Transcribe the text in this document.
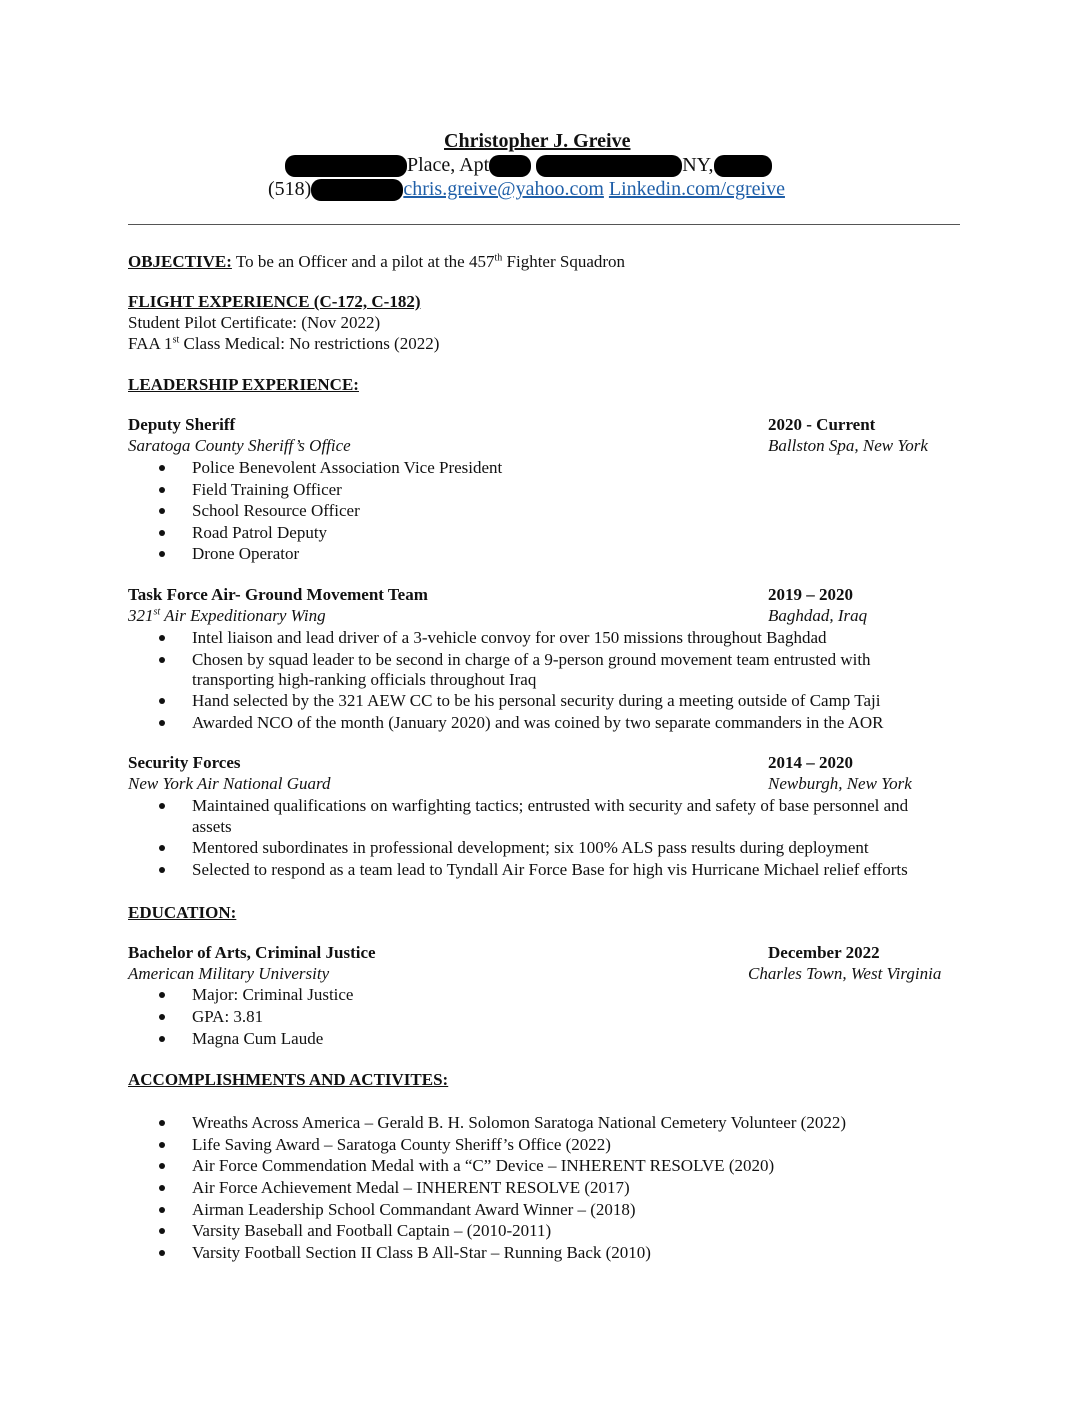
Christopher J. Greive
Place, Apt	NY,
(518)	chris.greive@yahoo.com Linkedin.com/cgreive
OBJECTIVE: To be an Officer and a pilot at the 457th Fighter Squadron
FLIGHT EXPERIENCE (C-172, C-182)
Student Pilot Certificate: (Nov 2022)
FAA 1st Class Medical: No restrictions (2022)
LEADERSHIP EXPERIENCE:
Deputy Sheriff	2020 - Current
Saratoga County Sheriff’s Office	Ballston Spa, New York
Police Benevolent Association Vice President
Field Training Officer
School Resource Officer
Road Patrol Deputy
Drone Operator
Task Force Air- Ground Movement Team	2019 – 2020
321st Air Expeditionary Wing	Baghdad, Iraq
Intel liaison and lead driver of a 3-vehicle convoy for over 150 missions throughout Baghdad
Chosen by squad leader to be second in charge of a 9-person ground movement team entrusted with
transporting high-ranking officials throughout Iraq
Hand selected by the 321 AEW CC to be his personal security during a meeting outside of Camp Taji
Awarded NCO of the month (January 2020) and was coined by two separate commanders in the AOR
Security Forces	2014 – 2020
New York Air National Guard	Newburgh, New York
Maintained qualifications on warfighting tactics; entrusted with security and safety of base personnel and
assets
Mentored subordinates in professional development; six 100% ALS pass results during deployment
Selected to respond as a team lead to Tyndall Air Force Base for high vis Hurricane Michael relief efforts
EDUCATION:
Bachelor of Arts, Criminal Justice	December 2022
American Military University	Charles Town, West Virginia
Major: Criminal Justice
GPA: 3.81
Magna Cum Laude
ACCOMPLISHMENTS AND ACTIVITES:
Wreaths Across America – Gerald B. H. Solomon Saratoga National Cemetery Volunteer (2022)
Life Saving Award – Saratoga County Sheriff’s Office (2022)
Air Force Commendation Medal with a “C” Device – INHERENT RESOLVE (2020)
Air Force Achievement Medal – INHERENT RESOLVE (2017)
Airman Leadership School Commandant Award Winner – (2018)
Varsity Baseball and Football Captain – (2010-2011)
Varsity Football Section II Class B All-Star – Running Back (2010)
